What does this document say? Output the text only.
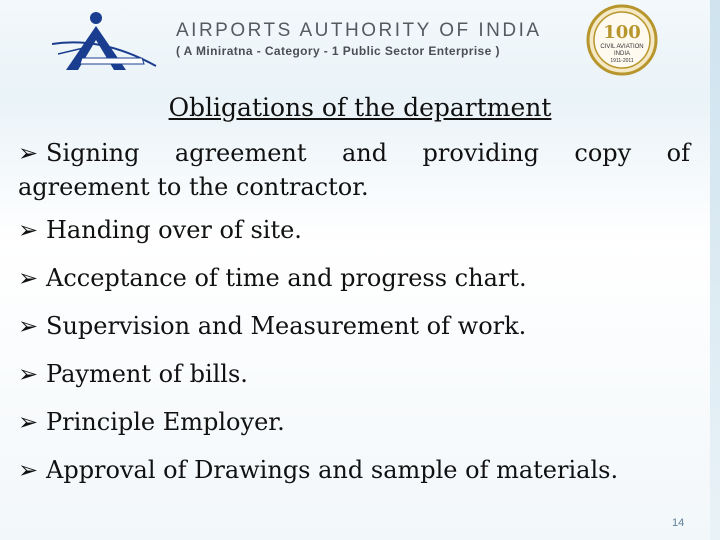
AIRPORTS AUTHORITY OF INDIA
( A Miniratna - Category - 1 Public Sector Enterprise )
100
CIVIL AVIATION
INDIA
1911-2011
Obligations of the department
➢ Signing agreement and providing copy of agreement to the contractor.
➢ Handing over of site.
➢ Acceptance of time and progress chart.
➢ Supervision and Measurement of work.
➢ Payment of bills.
➢ Principle Employer.
➢ Approval of Drawings and sample of materials.
14
